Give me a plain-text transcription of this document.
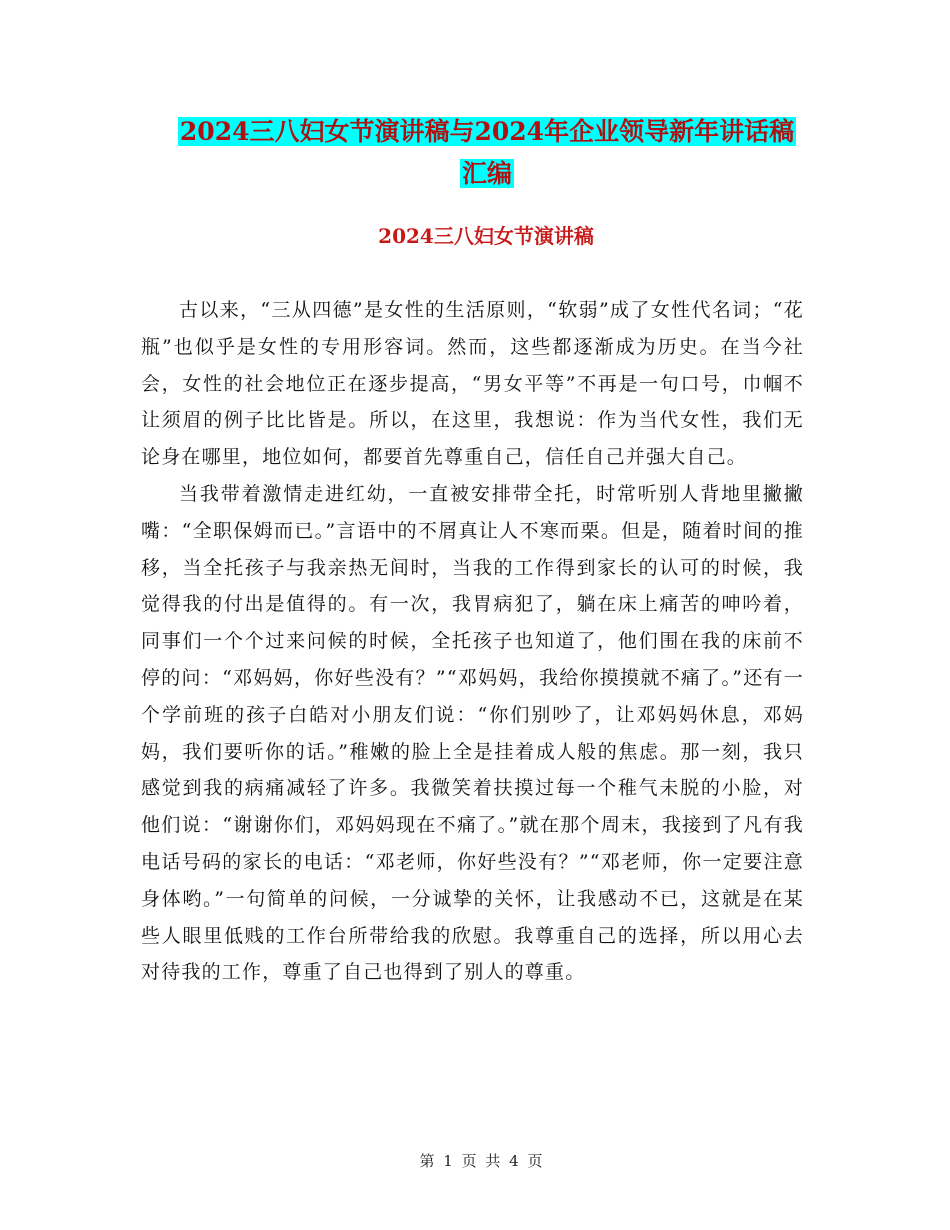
2024三八妇女节演讲稿与2024年企业领导新年讲话稿
汇编
2024三八妇女节演讲稿

古以来，“三从四德”是女性的生活原则，“软弱”成了女性代名词；“花瓶”也似乎是女性的专用形容词。然而，这些都逐渐成为历史。在当今社会，女性的社会地位正在逐步提高，“男女平等”不再是一句口号，巾帼不让须眉的例子比比皆是。所以，在这里，我想说：作为当代女性，我们无论身在哪里，地位如何，都要首先尊重自己，信任自己并强大自己。

当我带着激情走进红幼，一直被安排带全托，时常听别人背地里撇撇嘴：“全职保姆而已。”言语中的不屑真让人不寒而栗。但是，随着时间的推移，当全托孩子与我亲热无间时，当我的工作得到家长的认可的时候，我觉得我的付出是值得的。有一次，我胃病犯了，躺在床上痛苦的呻吟着，同事们一个个过来问候的时候，全托孩子也知道了，他们围在我的床前不停的问：“邓妈妈，你好些没有？”“邓妈妈，我给你摸摸就不痛了。”还有一个学前班的孩子白皓对小朋友们说：“你们别吵了，让邓妈妈休息，邓妈妈，我们要听你的话。”稚嫩的脸上全是挂着成人般的焦虑。那一刻，我只感觉到我的病痛减轻了许多。我微笑着扶摸过每一个稚气未脱的小脸，对他们说：“谢谢你们，邓妈妈现在不痛了。”就在那个周末，我接到了凡有我电话号码的家长的电话：“邓老师，你好些没有？”“邓老师，你一定要注意身体哟。”一句简单的问候，一分诚挚的关怀，让我感动不已，这就是在某些人眼里低贱的工作台所带给我的欣慰。我尊重自己的选择，所以用心去对待我的工作，尊重了自己也得到了别人的尊重。

第 1 页 共 4 页
